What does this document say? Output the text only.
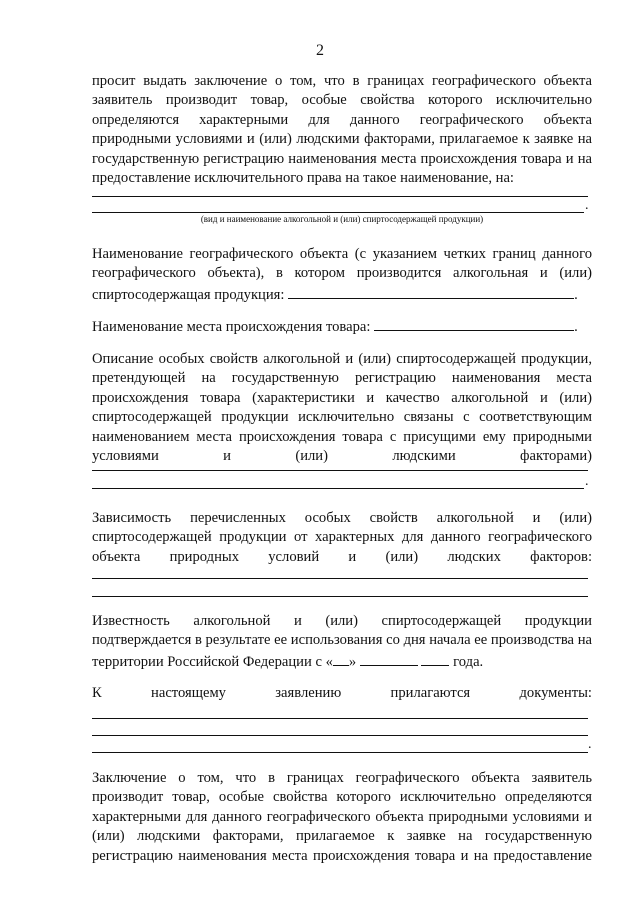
2
просит выдать заключение о том, что в границах географического объекта заявитель производит товар, особые свойства которого исключительно определяются характерными для данного географического объекта природными условиями и (или) людскими факторами, прилагаемое к заявке на государственную регистрацию наименования места происхождения товара и на предоставление исключительного права на такое наименование, на:
.
(вид и наименование алкогольной и (или) спиртосодержащей продукции)
Наименование географического объекта (с указанием четких границ данного географического объекта), в котором производится алкогольная и (или) спиртосодержащая продукция:	.
Наименование места происхождения товара:	.
Описание особых свойств алкогольной и (или) спиртосодержащей продукции, претендующей на государственную регистрацию наименования места происхождения товара (характеристики и качество алкогольной и (или) спиртосодержащей продукции исключительно связаны с соответствующим наименованием места происхождения товара с присущими ему природными условиями и (или) людскими факторами)
.
Зависимость перечисленных особых свойств алкогольной и (или) спиртосодержащей продукции от характерных для данного географического объекта природных условий и (или) людских факторов:
Известность алкогольной и (или) спиртосодержащей продукции подтверждается в результате ее использования со дня начала ее производства на территории Российской Федерации с « »	года.
К	настоящему	заявлению	прилагаются	документы:
.
Заключение о том, что в границах географического объекта заявитель производит товар, особые свойства которого исключительно определяются характерными для данного географического объекта природными условиями и (или) людскими факторами, прилагаемое к заявке на государственную регистрацию наименования места происхождения товара и на предоставление
